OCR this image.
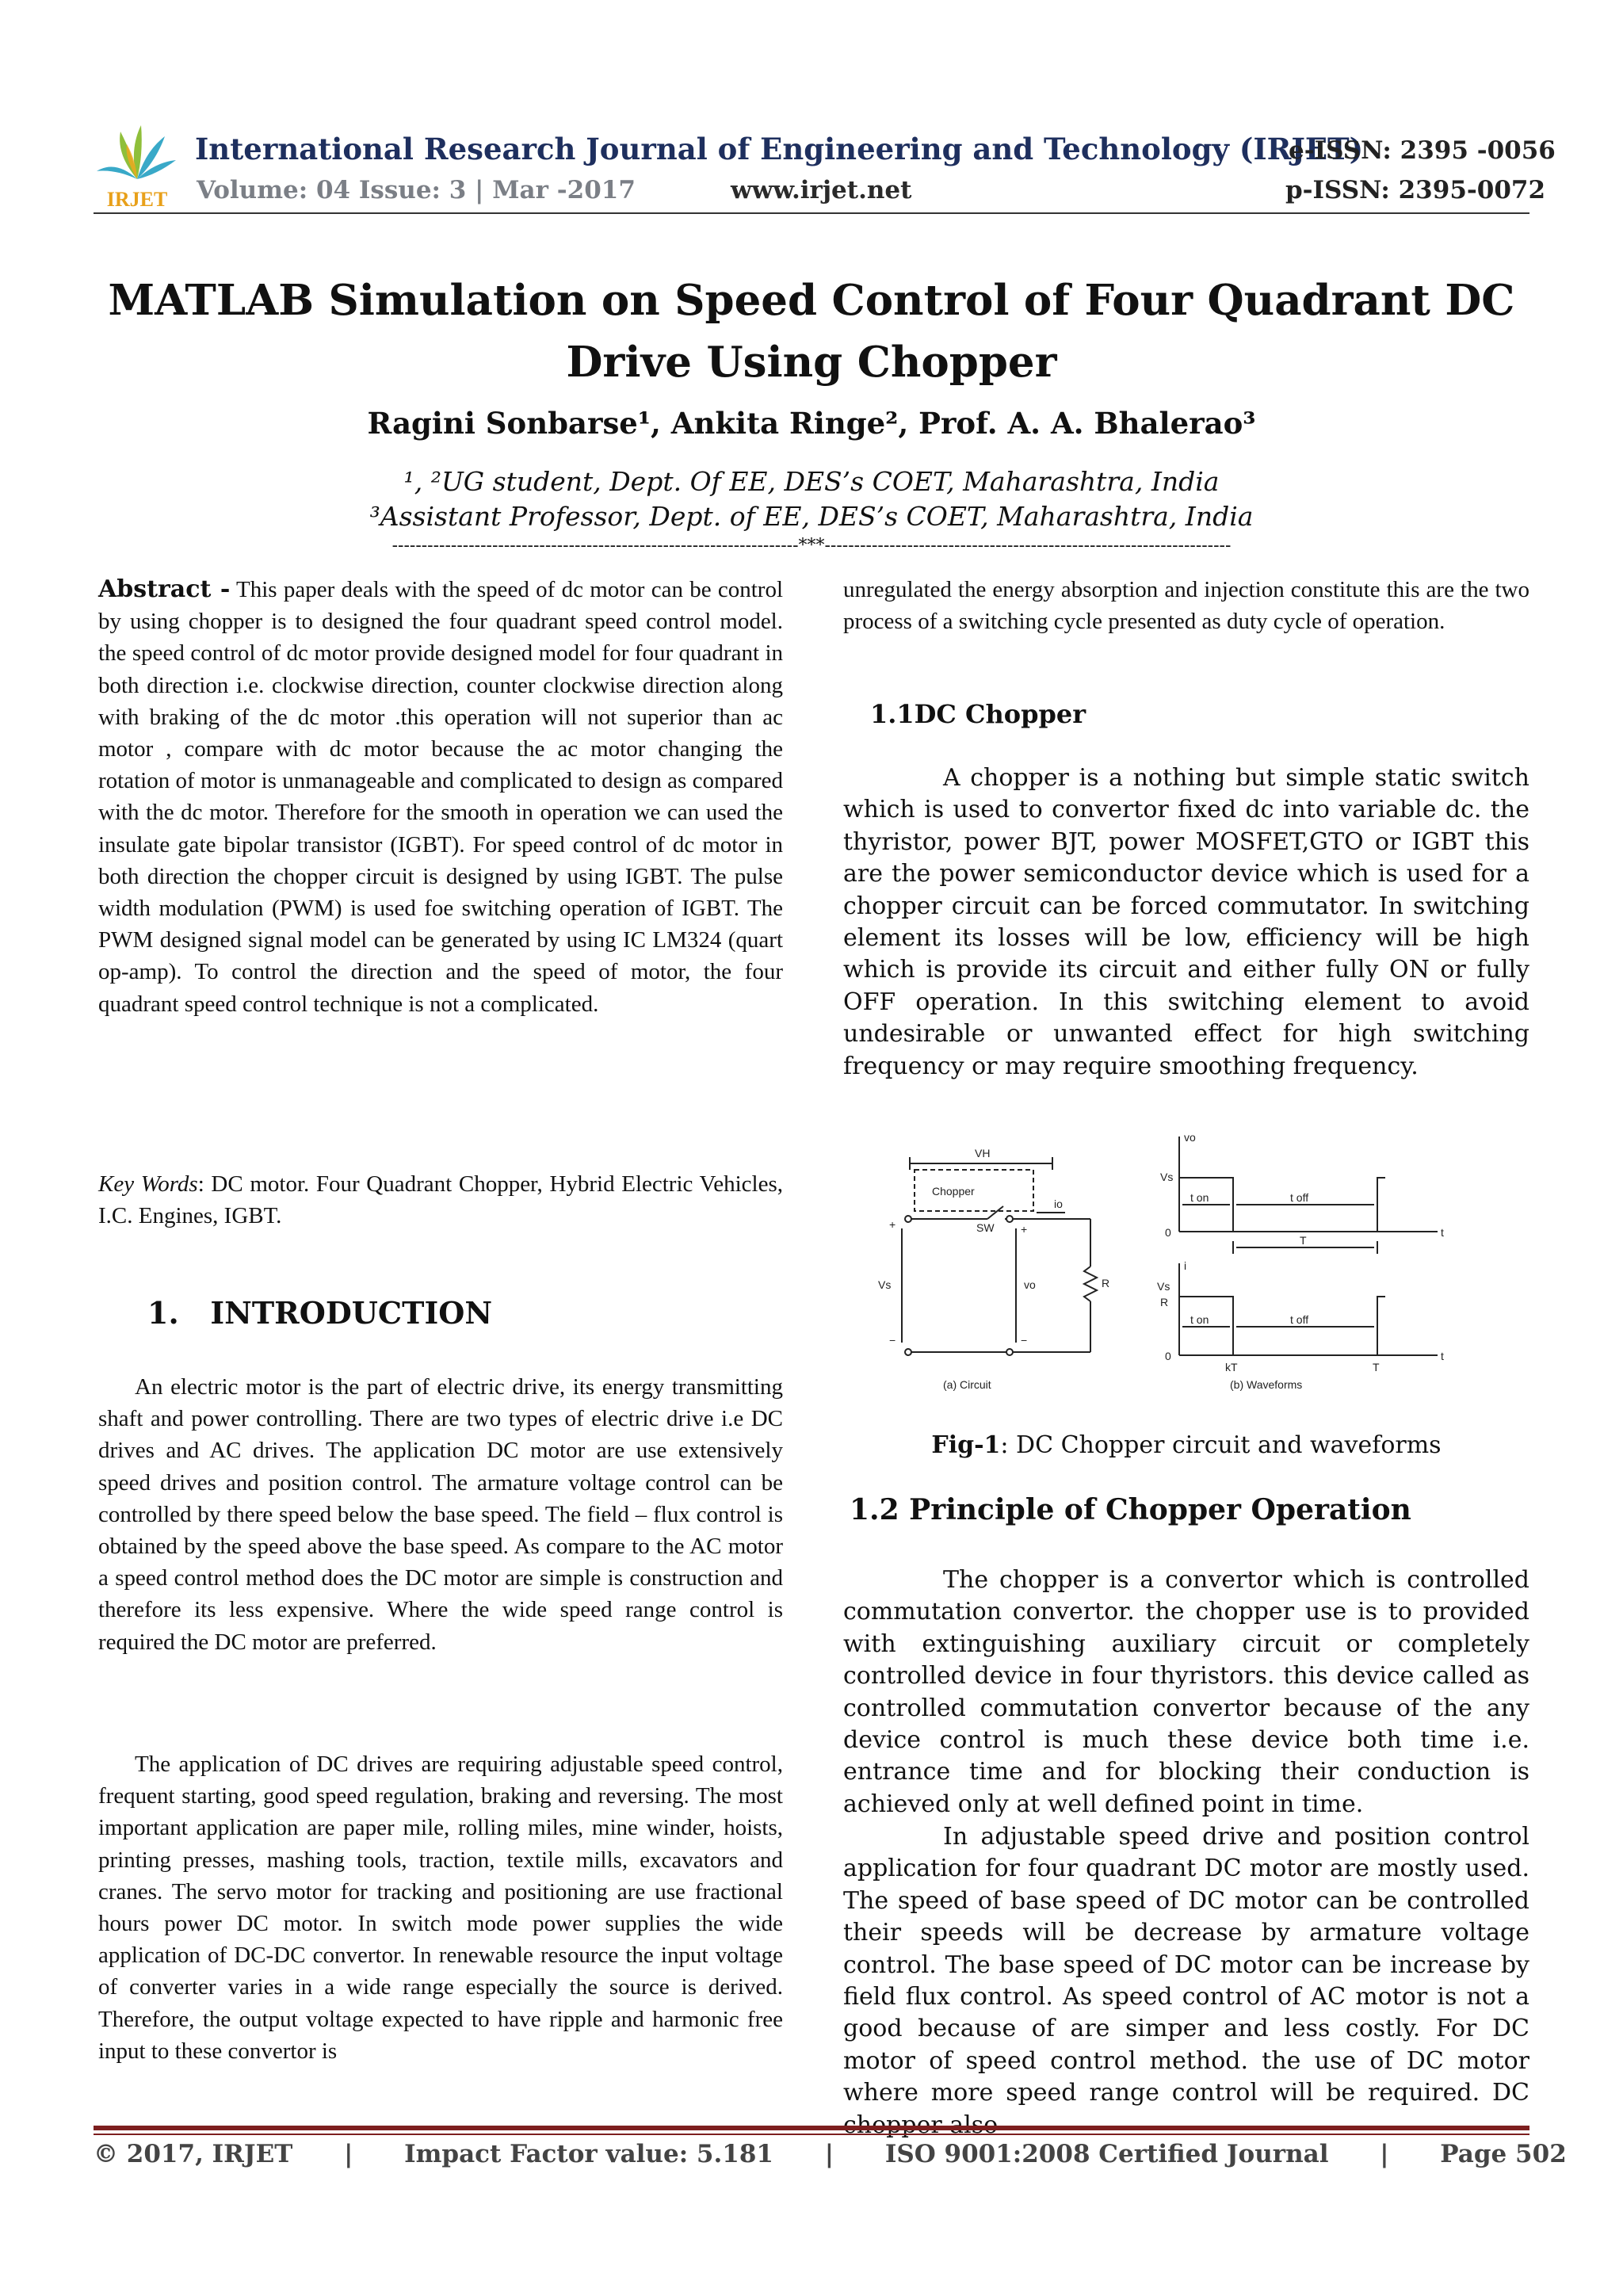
IRJET
International Research Journal of Engineering and Technology (IRJET)
Volume: 04 Issue: 3 | Mar -2017	www.irjet.net
e-ISSN: 2395 -0056
p-ISSN: 2395-0072
MATLAB Simulation on Speed Control of Four Quadrant DC Drive Using Chopper
Ragini Sonbarse¹, Ankita Ringe², Prof. A. A. Bhalerao³
¹, ²UG student, Dept. Of EE, DES’s COET, Maharashtra, India
³Assistant Professor, Dept. of EE, DES’s COET, Maharashtra, India
---------------------------------------------------------------------***---------------------------------------------------------------------
Abstract - This paper deals with the speed of dc motor can be control by using chopper is to designed the four quadrant speed control model. the speed control of dc motor provide designed model for four quadrant in both direction i.e. clockwise direction, counter clockwise direction along with braking of the dc motor .this operation will not superior than ac motor , compare with dc motor because the ac motor changing the rotation of motor is unmanageable and complicated to design as compared with the dc motor. Therefore for the smooth in operation we can used the insulate gate bipolar transistor (IGBT). For speed control of dc motor in both direction the chopper circuit is designed by using IGBT. The pulse width modulation (PWM) is used foe switching operation of IGBT. The PWM designed signal model can be generated by using IC LM324 (quart op-amp). To control the direction and the speed of motor, the four quadrant speed control technique is not a complicated.
Key Words: DC motor. Four Quadrant Chopper, Hybrid Electric Vehicles, I.C. Engines, IGBT.
1.   INTRODUCTION
An electric motor is the part of electric drive, its energy transmitting shaft and power controlling. There are two types of electric drive i.e DC drives and AC drives. The application DC motor are use extensively speed drives and position control. The armature voltage control can be controlled by there speed below the base speed. The field – flux control is obtained by the speed above the base speed. As compare to the AC motor a speed control method does the DC motor are simple is construction and therefore its less expensive. Where the wide speed range control is required the DC motor are preferred.
The application of DC drives are requiring adjustable speed control, frequent starting, good speed regulation, braking and reversing. The most important application are paper mile, rolling miles, mine winder, hoists, printing presses, mashing tools, traction, textile mills, excavators and cranes. The servo motor for tracking and positioning are use fractional hours power DC motor. In switch mode power supplies the wide application of DC-DC convertor. In renewable resource the input voltage of converter varies in a wide range especially the source is derived. Therefore, the output voltage expected to have ripple and harmonic free input to these convertor is
unregulated the energy absorption and injection constitute this are the two process of a switching cycle presented as duty cycle of operation.
1.1DC Chopper
A chopper is a nothing but simple static switch which is used to convertor fixed dc into variable dc. the thyristor, power BJT, power MOSFET,GTO or IGBT this are the power semiconductor device which is used for a chopper circuit can be forced commutator. In switching element its losses will be low, efficiency will be high which is provide its circuit and either fully ON or fully OFF operation. In this switching element to avoid undesirable or unwanted effect for high switching frequency or may require smoothing frequency.
VH
Chopper
SW
io
Vs	vo	R
+	+
−	−
(a) Circuit	(b) Waveforms
vo
Vs
0	t
t on	t off
T
i
Vs
R
0	t
t on	t off
kT	T
Fig-1: DC Chopper circuit and waveforms
1.2 Principle of Chopper Operation
The chopper is a convertor which is controlled commutation convertor. the chopper use is to provided with extinguishing auxiliary circuit or completely controlled device in four thyristors. this device called as controlled commutation convertor because of the any device control is much these device both time i.e. entrance time and for blocking their conduction is achieved only at well defined point in time.
In adjustable speed drive and position control application for four quadrant DC motor are mostly used. The speed of base speed of DC motor can be controlled their speeds will be decrease by armature voltage control. The base speed of DC motor can be increase by field flux control. As speed control of AC motor is not a good because of are simper and less costly. For DC motor of speed control method. the use of DC motor where more speed range control will be required. DC chopper also
© 2017, IRJET | Impact Factor value: 5.181 | ISO 9001:2008 Certified Journal | Page 502
